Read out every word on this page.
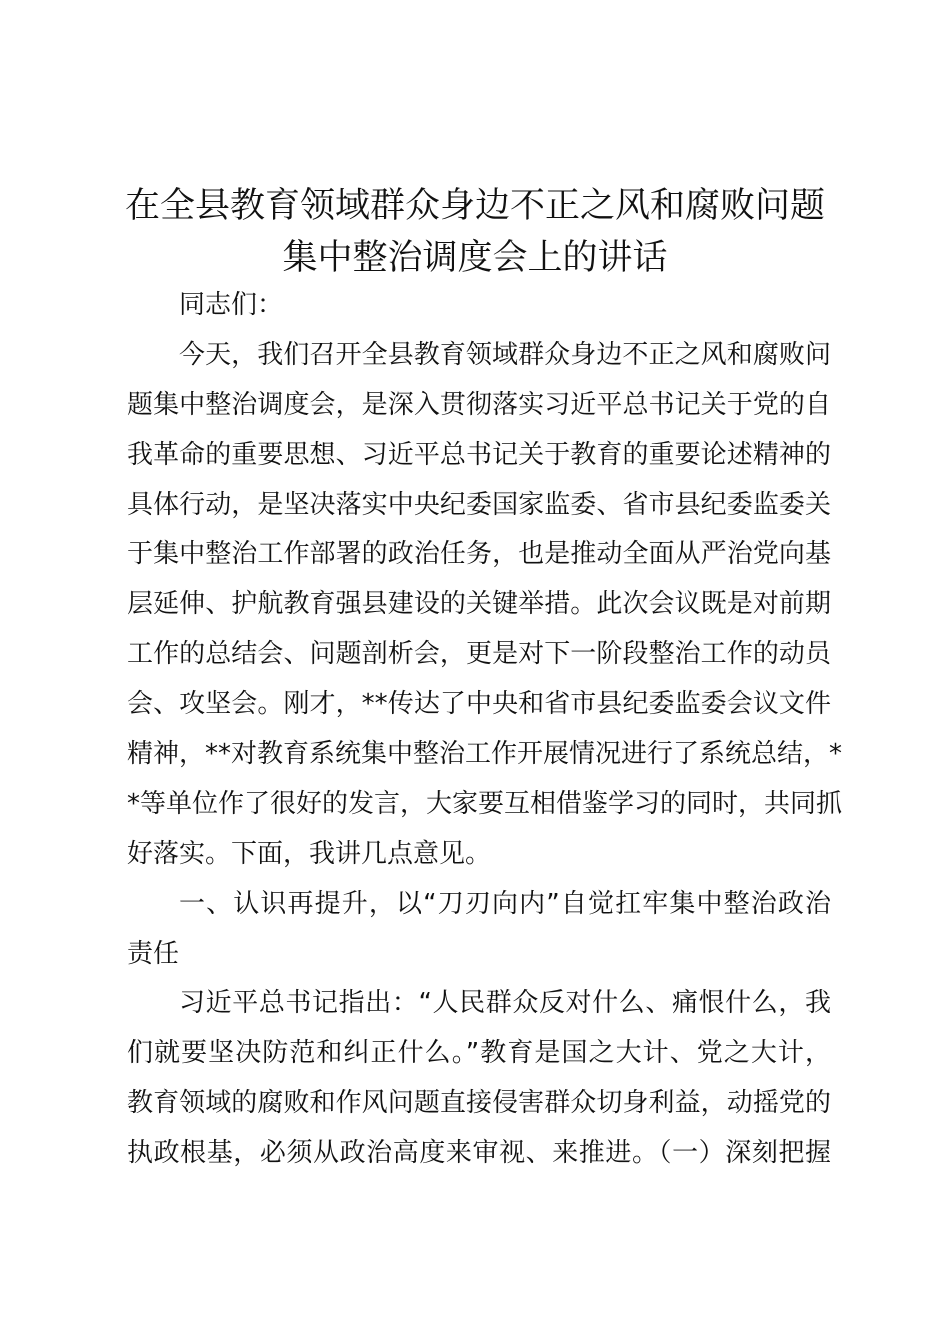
在全县教育领域群众身边不正之风和腐败问题
集中整治调度会上的讲话
同志们：
今天，我们召开全县教育领域群众身边不正之风和腐败问
题集中整治调度会，是深入贯彻落实习近平总书记关于党的自
我革命的重要思想、习近平总书记关于教育的重要论述精神的
具体行动，是坚决落实中央纪委国家监委、省市县纪委监委关
于集中整治工作部署的政治任务，也是推动全面从严治党向基
层延伸、护航教育强县建设的关键举措。此次会议既是对前期
工作的总结会、问题剖析会，更是对下一阶段整治工作的动员
会、攻坚会。刚才，**传达了中央和省市县纪委监委会议文件
精神，**对教育系统集中整治工作开展情况进行了系统总结，*
*等单位作了很好的发言，大家要互相借鉴学习的同时，共同抓
好落实。下面，我讲几点意见。
一、认识再提升，以“刀刃向内”自觉扛牢集中整治政治
责任
习近平总书记指出：“人民群众反对什么、痛恨什么，我
们就要坚决防范和纠正什么。”教育是国之大计、党之大计，
教育领域的腐败和作风问题直接侵害群众切身利益，动摇党的
执政根基，必须从政治高度来审视、来推进。（一）深刻把握
